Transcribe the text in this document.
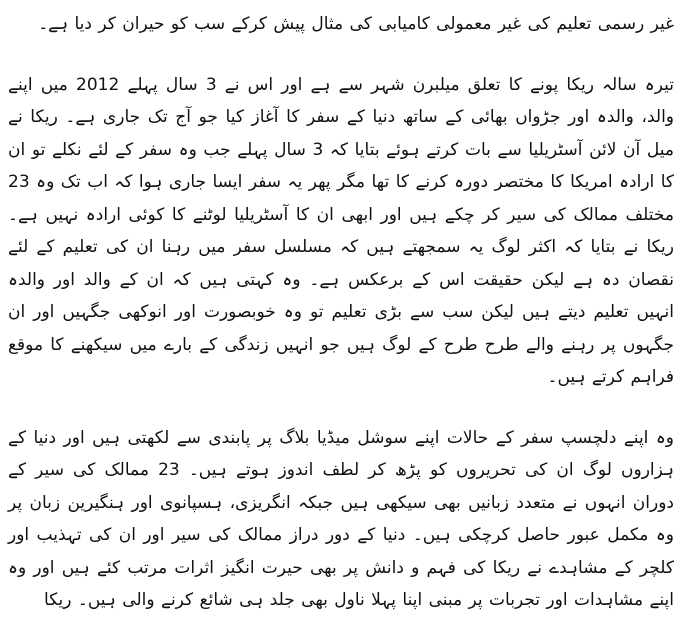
غیر رسمی تعلیم کی غیر معمولی کامیابی کی مثال پیش کرکے سب کو حیران کر دیا ہے۔

تیرہ سالہ ریکا پونے کا تعلق میلبرن شہر سے ہے اور اس نے 3 سال پہلے 2012 میں اپنے والد، والدہ اور جڑواں بھائی کے ساتھ دنیا کے سفر کا آغاز کیا جو آج تک جاری ہے۔ ریکا نے میل آن لائن آسٹریلیا سے بات کرتے ہوئے بتایا کہ 3 سال پہلے جب وہ سفر کے لئے نکلے تو ان کا ارادہ امریکا کا مختصر دورہ کرنے کا تھا مگر پھر یہ سفر ایسا جاری ہوا کہ اب تک وہ 23 مختلف ممالک کی سیر کر چکے ہیں اور ابھی ان کا آسٹریلیا لوٹنے کا کوئی ارادہ نہیں ہے۔ ریکا نے بتایا کہ اکثر لوگ یہ سمجھتے ہیں کہ مسلسل سفر میں رہنا ان کی تعلیم کے لئے نقصان دہ ہے لیکن حقیقت اس کے برعکس ہے۔ وہ کہتی ہیں کہ ان کے والد اور والدہ انہیں تعلیم دیتے ہیں لیکن سب سے بڑی تعلیم تو وہ خوبصورت اور انوکھی جگہیں اور ان جگہوں پر رہنے والے طرح طرح کے لوگ ہیں جو انہیں زندگی کے بارے میں سیکھنے کا موقع فراہم کرتے ہیں۔

وہ اپنے دلچسپ سفر کے حالات اپنے سوشل میڈیا بلاگ پر پابندی سے لکھتی ہیں اور دنیا کے ہزاروں لوگ ان کی تحریروں کو پڑھ کر لطف اندوز ہوتے ہیں۔ 23 ممالک کی سیر کے دوران انہوں نے متعدد زبانیں بھی سیکھی ہیں جبکہ انگریزی، ہسپانوی اور ہنگیرین زبان پر وہ مکمل عبور حاصل کرچکی ہیں۔ دنیا کے دور دراز ممالک کی سیر اور ان کی تہذیب اور کلچر کے مشاہدے نے ریکا کی فہم و دانش پر بھی حیرت انگیز اثرات مرتب کئے ہیں اور وہ اپنے مشاہدات اور تجربات پر مبنی اپنا پہلا ناول بھی جلد ہی شائع کرنے والی ہیں۔ ریکا
